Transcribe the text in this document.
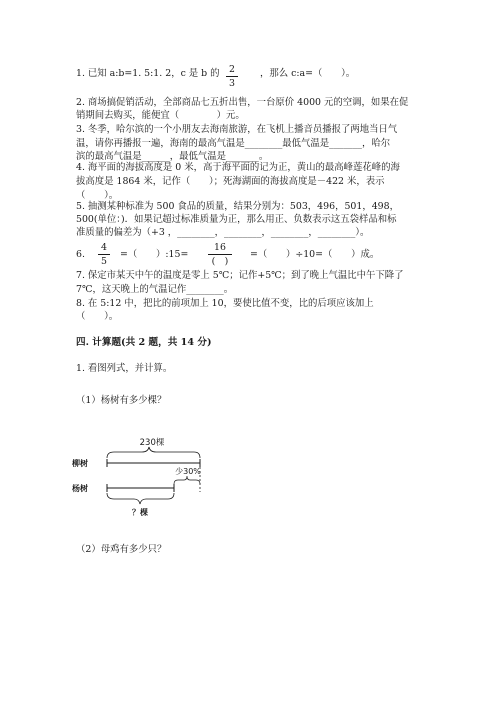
1. 已知 a:b=1. 5:1. 2，c 是 b 的	2
3
，那么 c:a=（　　）。
2. 商场搞促销活动，全部商品七五折出售，一台原价 4000 元的空调，如果在促
销期间去购买，能便宜（　　　　）元。
3. 冬季，哈尔滨的一个小朋友去海南旅游，在飞机上播音员播报了两地当日气
温，请你再播报一遍，海南的最高气温是________最低气温是_______，哈尔
滨的最高气温是______，最低气温是_______。
4. 海平面的海拔高度是 0 米，高于海平面的记为正，黄山的最高峰莲花峰的海
拔高度是 1864 米，记作（　　）；死海湖面的海拔高度是－422 米，表示
（　　）。
5. 抽测某种标准为 500 食品的质量，结果分别为：503，496，501，498，
500(单位：)．如果记超过标准质量为正，那么用正、负数表示这五袋样品和标
准质量的偏差为（+3 ，________，________，________，________）。
6.
4
5
=（　　）:15=
16
(　)
=（　　）÷10=（　　）成。
7. 保定市某天中午的温度是零上 5℃；记作+5℃；到了晚上气温比中午下降了
7℃，这天晚上的气温记作________。
8. 在 5:12 中，把比的前项加上 10，要使比值不变，比的后项应该加上
（　　）。
四. 计算题(共 2 题，共 14 分)
1. 看图列式，并计算。
（1）杨树有多少棵？
230棵
柳树
杨树
少30%
？棵
（2）母鸡有多少只？
